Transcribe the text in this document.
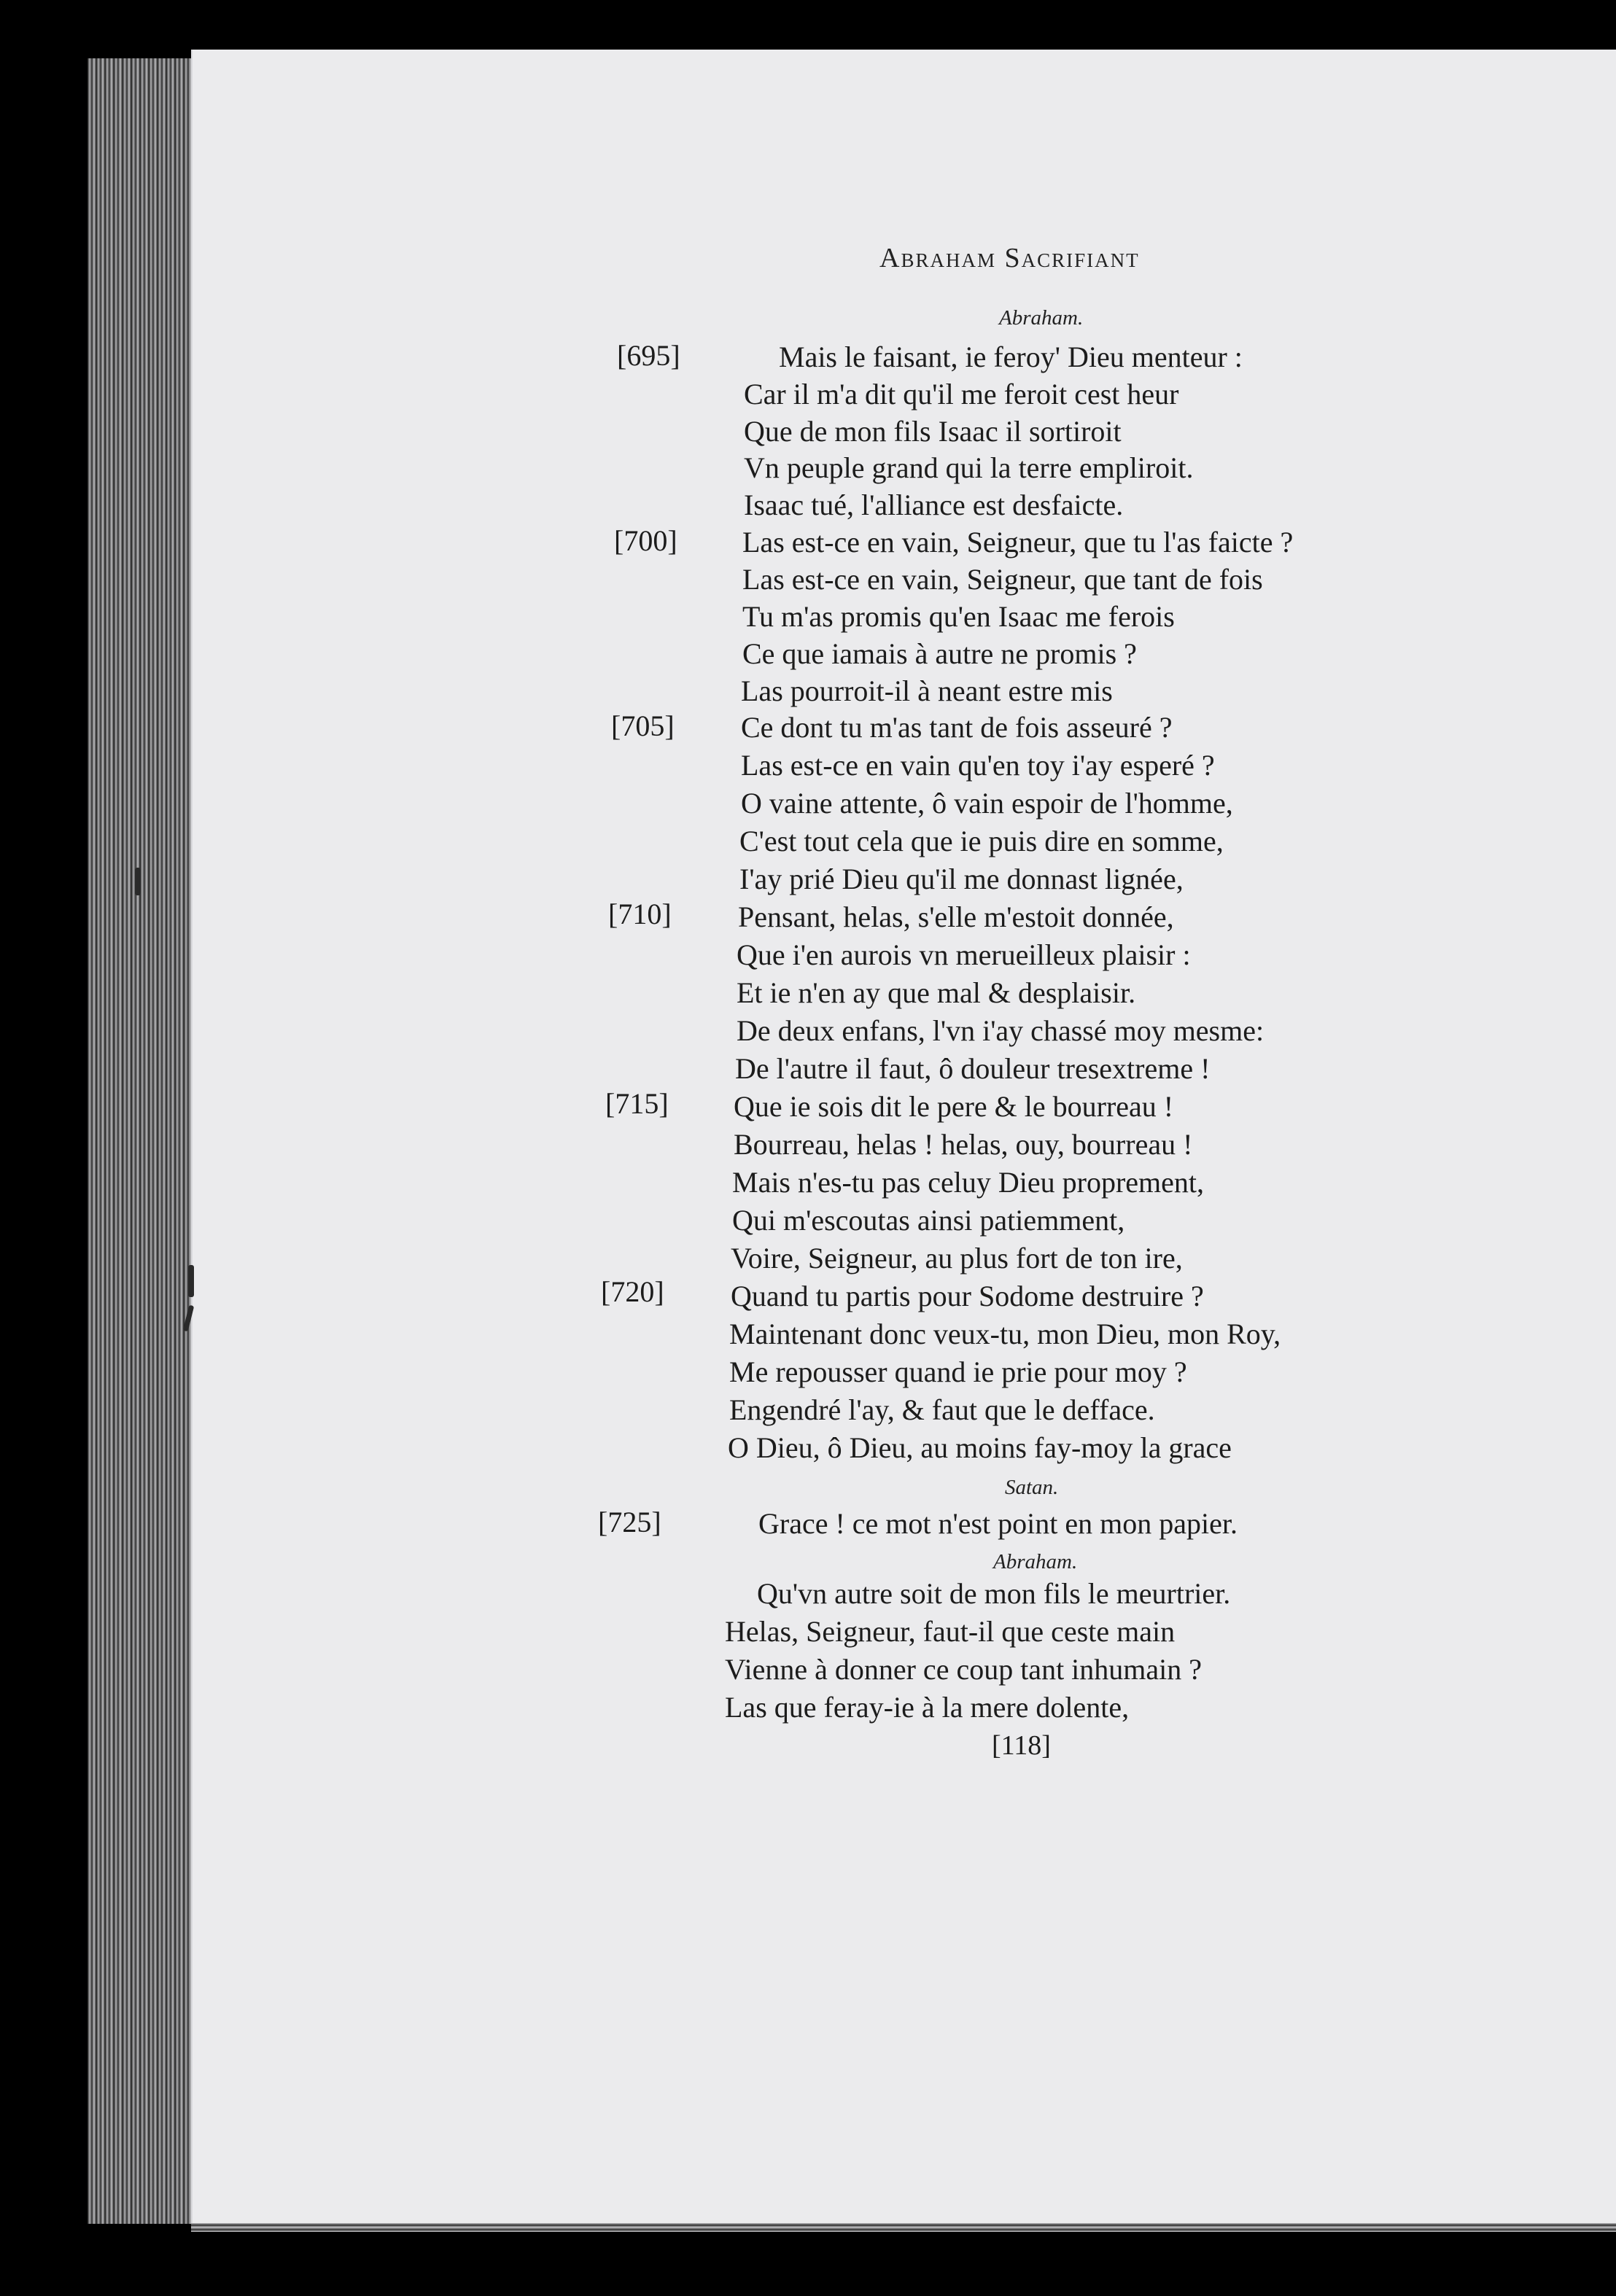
Abraham Sacrifiant
Abraham.
[695]	Mais le faisant, ie feroy' Dieu menteur :
Car il m'a dit qu'il me feroit cest heur
Que de mon fils Isaac il sortiroit
Vn peuple grand qui la terre empliroit.
Isaac tué, l'alliance est desfaicte.
[700] Las est-ce en vain, Seigneur, que tu l'as faicte ?
Las est-ce en vain, Seigneur, que tant de fois
Tu m'as promis qu'en Isaac me ferois
Ce que iamais à autre ne promis ?
Las pourroit-il à neant estre mis
[705] Ce dont tu m'as tant de fois asseuré ?
Las est-ce en vain qu'en toy i'ay esperé ?
O vaine attente, ô vain espoir de l'homme,
C'est tout cela que ie puis dire en somme,
I'ay prié Dieu qu'il me donnast lignée,
[710] Pensant, helas, s'elle m'estoit donnée,
Que i'en aurois vn merueilleux plaisir :
Et ie n'en ay que mal & desplaisir.
De deux enfans, l'vn i'ay chassé moy mesme:
De l'autre il faut, ô douleur tresextreme !
[715] Que ie sois dit le pere & le bourreau !
Bourreau, helas ! helas, ouy, bourreau !
Mais n'es-tu pas celuy Dieu proprement,
Qui m'escoutas ainsi patiemment,
Voire, Seigneur, au plus fort de ton ire,
[720] Quand tu partis pour Sodome destruire ?
Maintenant donc veux-tu, mon Dieu, mon Roy,
Me repousser quand ie prie pour moy ?
Engendré l'ay, & faut que le defface.
O Dieu, ô Dieu, au moins fay-moy la grace
Satan.
[725]	Grace ! ce mot n'est point en mon papier.
Abraham.
Qu'vn autre soit de mon fils le meurtrier.
Helas, Seigneur, faut-il que ceste main
Vienne à donner ce coup tant inhumain ?
Las que feray-ie à la mere dolente,
[118]
